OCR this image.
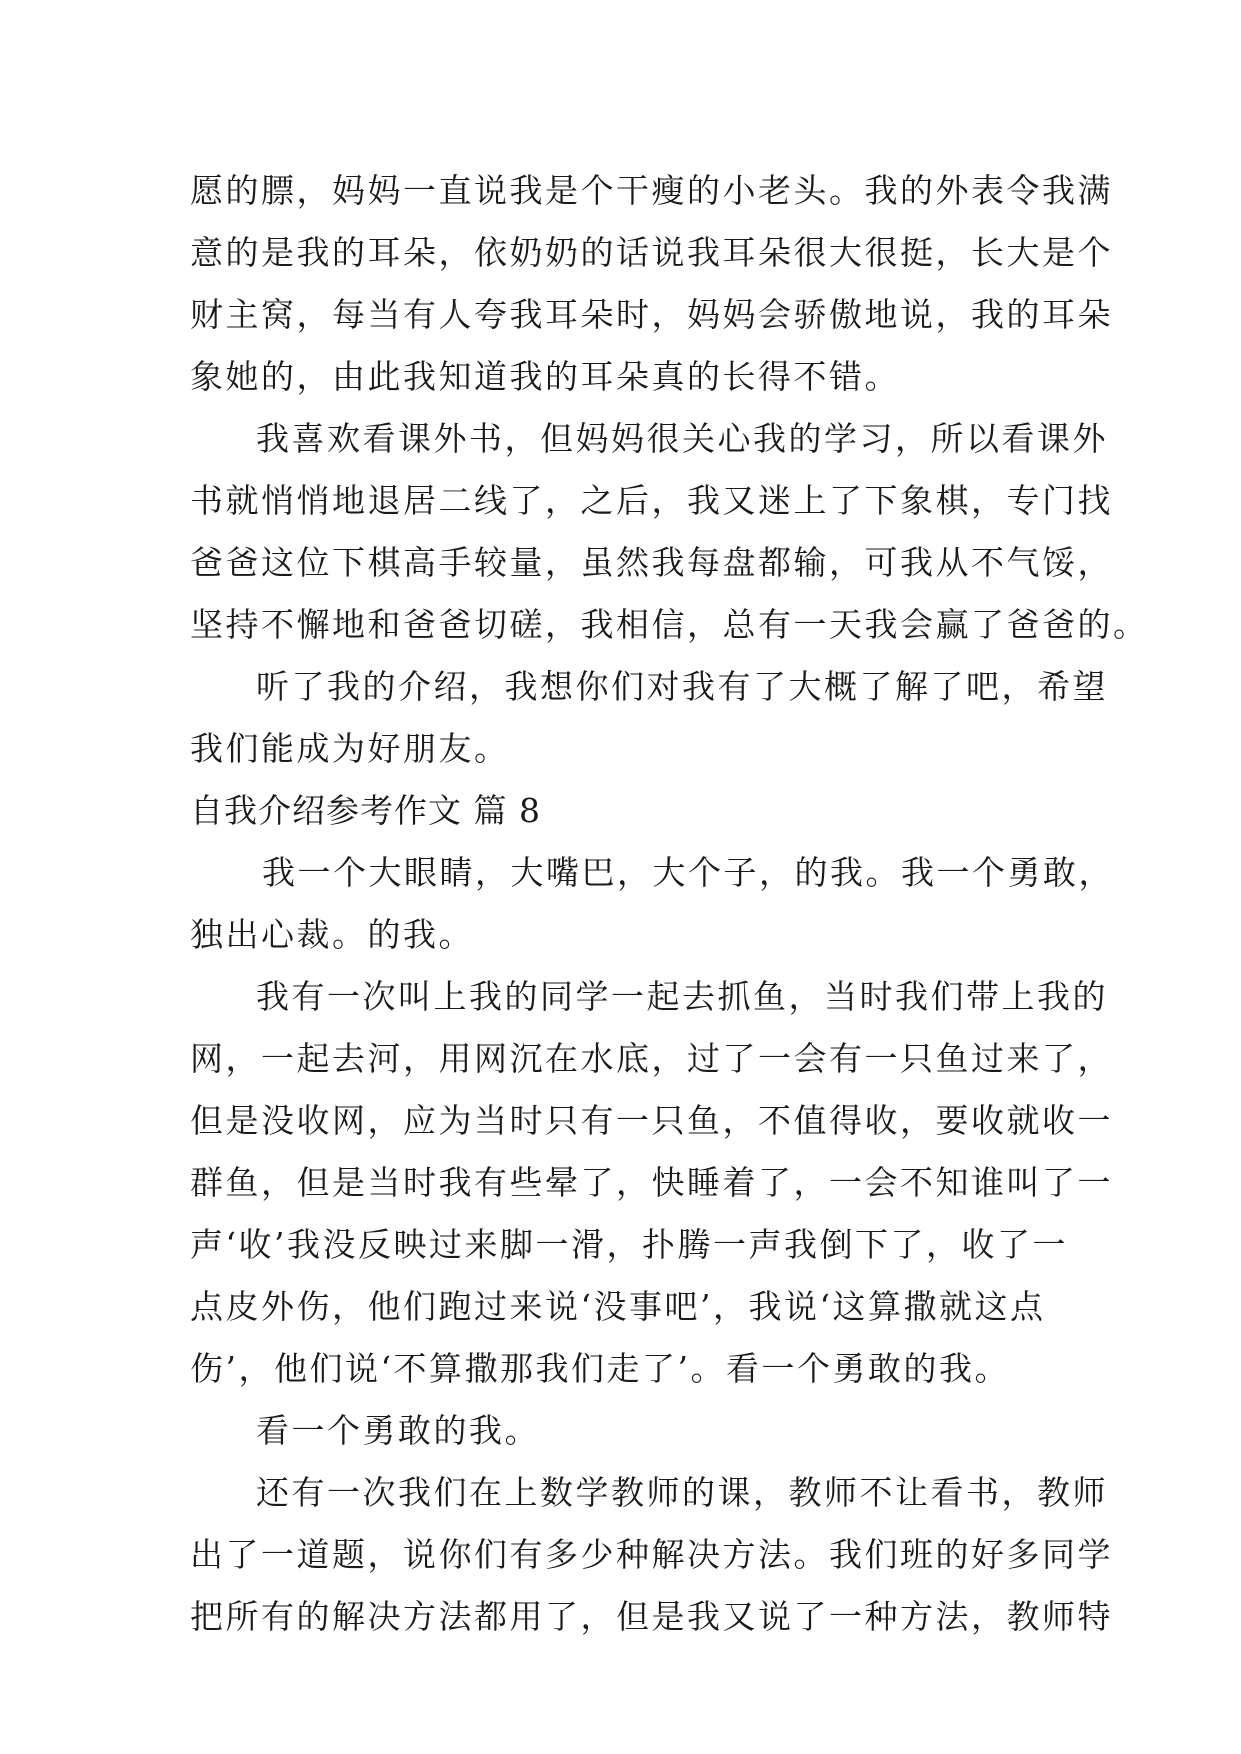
愿的膘，妈妈一直说我是个干瘦的小老头。我的外表令我满
意的是我的耳朵，依奶奶的话说我耳朵很大很挺，长大是个
财主窝，每当有人夸我耳朵时，妈妈会骄傲地说，我的耳朵
象她的，由此我知道我的耳朵真的长得不错。
我喜欢看课外书，但妈妈很关心我的学习，所以看课外
书就悄悄地退居二线了，之后，我又迷上了下象棋，专门找
爸爸这位下棋高手较量，虽然我每盘都输，可我从不气馁，
坚持不懈地和爸爸切磋，我相信，总有一天我会赢了爸爸的。
听了我的介绍，我想你们对我有了大概了解了吧，希望
我们能成为好朋友。
自我介绍参考作文 篇 8
我一个大眼睛，大嘴巴，大个子，的我。我一个勇敢，
独出心裁。的我。
我有一次叫上我的同学一起去抓鱼，当时我们带上我的
网，一起去河，用网沉在水底，过了一会有一只鱼过来了，
但是没收网，应为当时只有一只鱼，不值得收，要收就收一
群鱼，但是当时我有些晕了，快睡着了，一会不知谁叫了一
声‘收’我没反映过来脚一滑，扑腾一声我倒下了，收了一
点皮外伤，他们跑过来说‘没事吧’，我说‘这算撒就这点
伤’，他们说‘不算撒那我们走了’。看一个勇敢的我。
看一个勇敢的我。
还有一次我们在上数学教师的课，教师不让看书，教师
出了一道题，说你们有多少种解决方法。我们班的好多同学
把所有的解决方法都用了，但是我又说了一种方法，教师特
